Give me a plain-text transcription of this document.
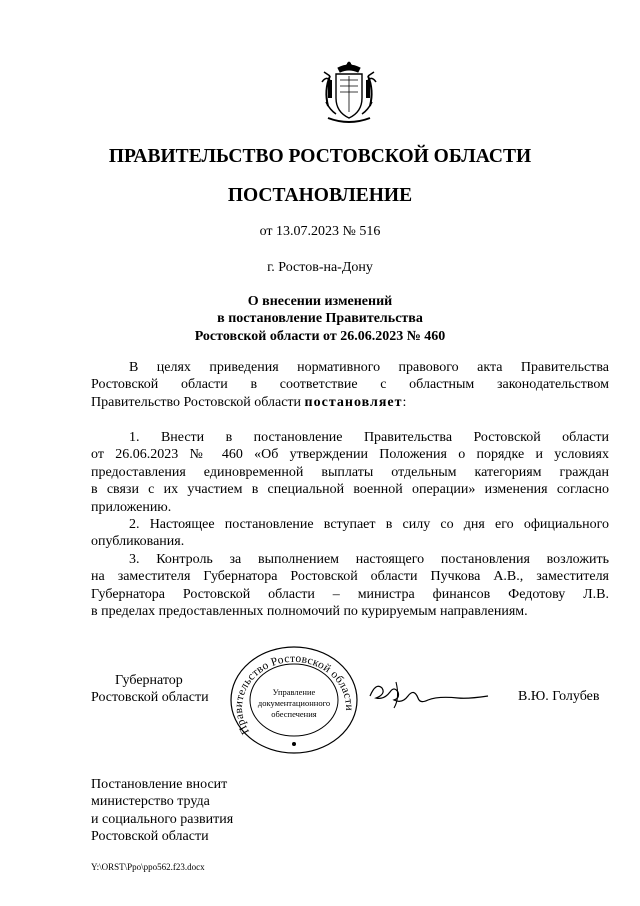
ПРАВИТЕЛЬСТВО РОСТОВСКОЙ ОБЛАСТИ
ПОСТАНОВЛЕНИЕ
от 13.07.2023 № 516
г. Ростов-на-Дону
О внесении изменений
в постановление Правительства
Ростовской области от 26.06.2023 № 460
В целях приведения нормативного правового акта Правительства
Ростовской области в соответствие с областным законодательством
Правительство Ростовской области постановляет:
1. Внести в постановление Правительства Ростовской области
от 26.06.2023 № 460 «Об утверждении Положения о порядке и условиях
предоставления единовременной выплаты отдельным категориям граждан
в связи с их участием в специальной военной операции» изменения согласно
приложению.
2. Настоящее постановление вступает в силу со дня его официального
опубликования.
3. Контроль за выполнением настоящего постановления возложить
на заместителя Губернатора Ростовской области Пучкова А.В., заместителя
Губернатора Ростовской области – министра финансов Федотову Л.В.
в пределах предоставленных полномочий по курируемым направлениям.
Губернатор
Ростовской области
Правительство Ростовской области
Управление
документационного
обеспечения
В.Ю. Голубев
Постановление вносит
министерство труда
и социального развития
Ростовской области
Y:\ORST\Ppo\ppo562.f23.docx
